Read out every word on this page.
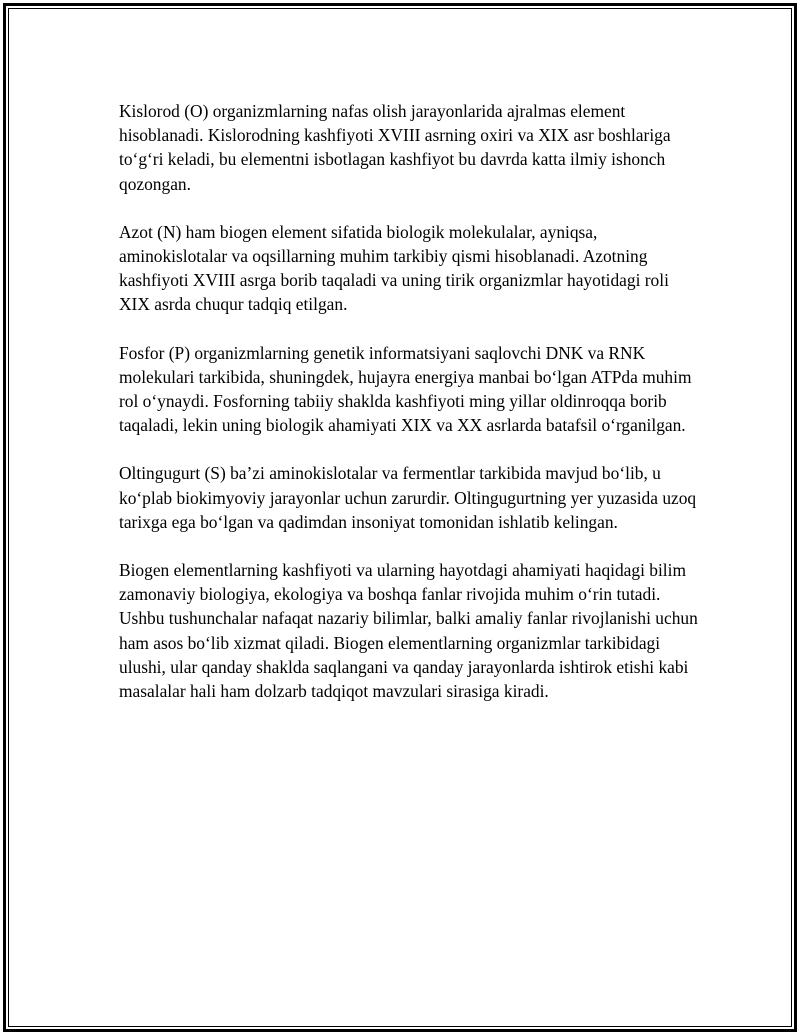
Kislorod (O) organizmlarning nafas olish jarayonlarida ajralmas element hisoblanadi. Kislorodning kashfiyoti XVIII asrning oxiri va XIX asr boshlariga to‘g‘ri keladi, bu elementni isbotlagan kashfiyot bu davrda katta ilmiy ishonch qozongan.

Azot (N) ham biogen element sifatida biologik molekulalar, ayniqsa, aminokislotalar va oqsillarning muhim tarkibiy qismi hisoblanadi. Azotning kashfiyoti XVIII asrga borib taqaladi va uning tirik organizmlar hayotidagi roli XIX asrda chuqur tadqiq etilgan.

Fosfor (P) organizmlarning genetik informatsiyani saqlovchi DNK va RNK molekulari tarkibida, shuningdek, hujayra energiya manbai bo‘lgan ATPda muhim rol o‘ynaydi. Fosforning tabiiy shaklda kashfiyoti ming yillar oldinroqqa borib taqaladi, lekin uning biologik ahamiyati XIX va XX asrlarda batafsil o‘rganilgan.

Oltingugurt (S) ba’zi aminokislotalar va fermentlar tarkibida mavjud bo‘lib, u ko‘plab biokimyoviy jarayonlar uchun zarurdir. Oltingugurtning yer yuzasida uzoq tarixga ega bo‘lgan va qadimdan insoniyat tomonidan ishlatib kelingan.

Biogen elementlarning kashfiyoti va ularning hayotdagi ahamiyati haqidagi bilim zamonaviy biologiya, ekologiya va boshqa fanlar rivojida muhim o‘rin tutadi. Ushbu tushunchalar nafaqat nazariy bilimlar, balki amaliy fanlar rivojlanishi uchun ham asos bo‘lib xizmat qiladi. Biogen elementlarning organizmlar tarkibidagi ulushi, ular qanday shaklda saqlangani va qanday jarayonlarda ishtirok etishi kabi masalalar hali ham dolzarb tadqiqot mavzulari sirasiga kiradi.
